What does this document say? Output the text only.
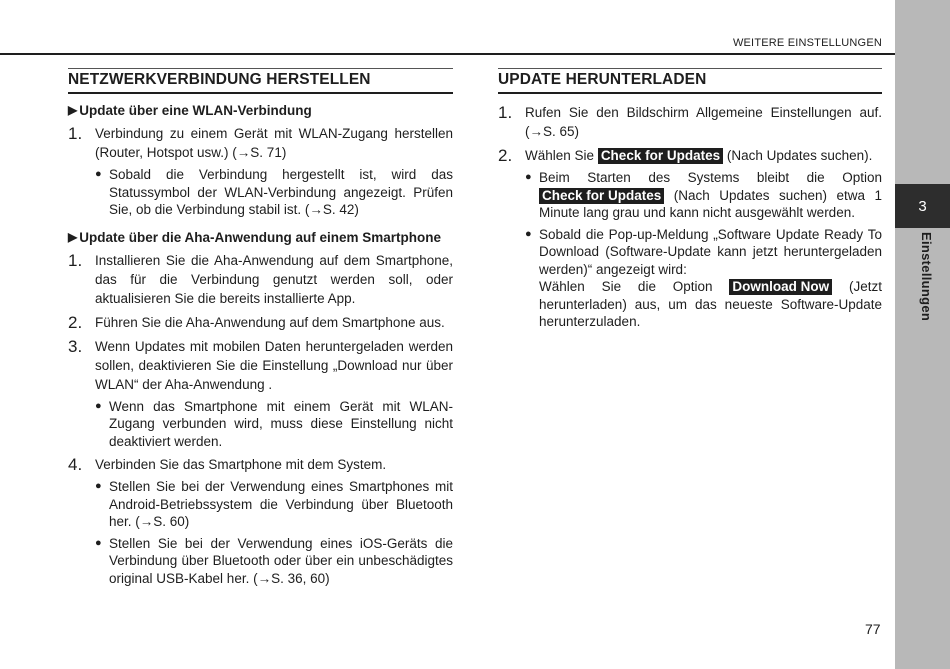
WEITERE EINSTELLUNGEN
NETZWERKVERBINDUNG HERSTELLEN
▶ Update über eine WLAN-Verbindung
1. Verbindung zu einem Gerät mit WLAN-Zugang herstellen (Router, Hotspot usw.) (→S. 71)
● Sobald die Verbindung hergestellt ist, wird das Statussymbol der WLAN-Verbindung angezeigt. Prüfen Sie, ob die Verbindung stabil ist. (→S. 42)
▶ Update über die Aha-Anwendung auf einem Smartphone
1. Installieren Sie die Aha-Anwendung auf dem Smartphone, das für die Verbindung genutzt werden soll, oder aktualisieren Sie die bereits installierte App.
2. Führen Sie die Aha-Anwendung auf dem Smartphone aus.
3. Wenn Updates mit mobilen Daten heruntergeladen werden sollen, deaktivieren Sie die Einstellung „Download nur über WLAN“ der Aha-Anwendung .
● Wenn das Smartphone mit einem Gerät mit WLAN-Zugang verbunden wird, muss diese Einstellung nicht deaktiviert werden.
4. Verbinden Sie das Smartphone mit dem System.
● Stellen Sie bei der Verwendung eines Smartphones mit Android-Betriebssystem die Verbindung über Bluetooth her. (→S. 60)
● Stellen Sie bei der Verwendung eines iOS-Geräts die Verbindung über Bluetooth oder über ein unbeschädigtes original USB-Kabel her. (→S. 36, 60)
UPDATE HERUNTERLADEN
1. Rufen Sie den Bildschirm Allgemeine Einstellungen auf. (→S. 65)
2. Wählen Sie Check for Updates (Nach Updates suchen).
● Beim Starten des Systems bleibt die Option Check for Updates (Nach Updates suchen) etwa 1 Minute lang grau und kann nicht ausgewählt werden.
● Sobald die Pop-up-Meldung „Software Update Ready To Download (Software-Update kann jetzt heruntergeladen werden)“ angezeigt wird:
Wählen Sie die Option Download Now (Jetzt herunterladen) aus, um das neueste Software-Update herunterzuladen.
77
3
Einstellungen
